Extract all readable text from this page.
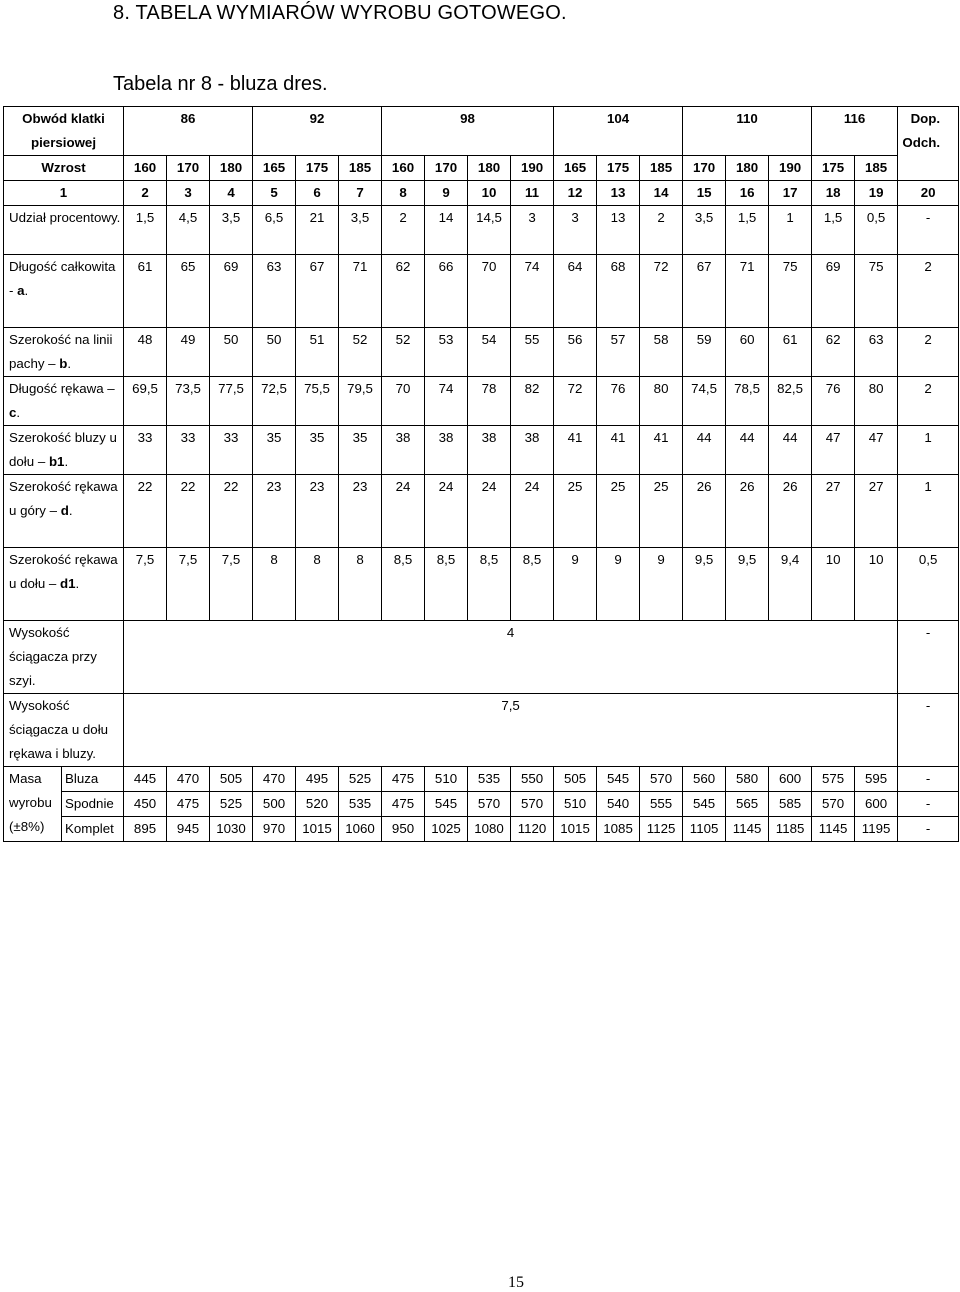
8. TABELA WYMIARÓW WYROBU GOTOWEGO.

Tabela nr 8 - bluza dres.

Obwód klatki piersiowej		86			92			98				104			110			116		Dop. Odch.
Wzrost		160	170	180	165	175	185	160	170	180	190	165	175	185	170	180	190	175	185	
1		2	3	4	5	6	7	8	9	10	11	12	13	14	15	16	17	18	19	20
Udział procentowy.		1,5	4,5	3,5	6,5	21	3,5	2	14	14,5	3	3	13	2	3,5	1,5	1	1,5	0,5	-
Długość całkowita - a.		61	65	69	63	67	71	62	66	70	74	64	68	72	67	71	75	69	75	2
Szerokość na linii pachy – b.		48	49	50	50	51	52	52	53	54	55	56	57	58	59	60	61	62	63	2
Długość rękawa – c.		69,5	73,5	77,5	72,5	75,5	79,5	70	74	78	82	72	76	80	74,5	78,5	82,5	76	80	2
Szerokość bluzy u dołu – b1.		33	33	33	35	35	35	38	38	38	38	41	41	41	44	44	44	47	47	1
Szerokość rękawa u góry – d.		22	22	22	23	23	23	24	24	24	24	25	25	25	26	26	26	27	27	1
Szerokość rękawa u dołu – d1.		7,5	7,5	7,5	8	8	8	8,5	8,5	8,5	8,5	9	9	9	9,5	9,5	9,4	10	10	0,5
Wysokość ściągacza przy szyi.		4																		-
Wysokość ściągacza u dołu rękawa i bluzy.		7,5																		-
Masa wyrobu (±8%)	Bluza	445	470	505	470	495	525	475	510	535	550	505	545	570	560	580	600	575	595	-
	Spodnie	450	475	525	500	520	535	475	545	570	570	510	540	555	545	565	585	570	600	-
	Komplet	895	945	1030	970	1015	1060	950	1025	1080	1120	1015	1085	1125	1105	1145	1185	1145	1195	-
15
